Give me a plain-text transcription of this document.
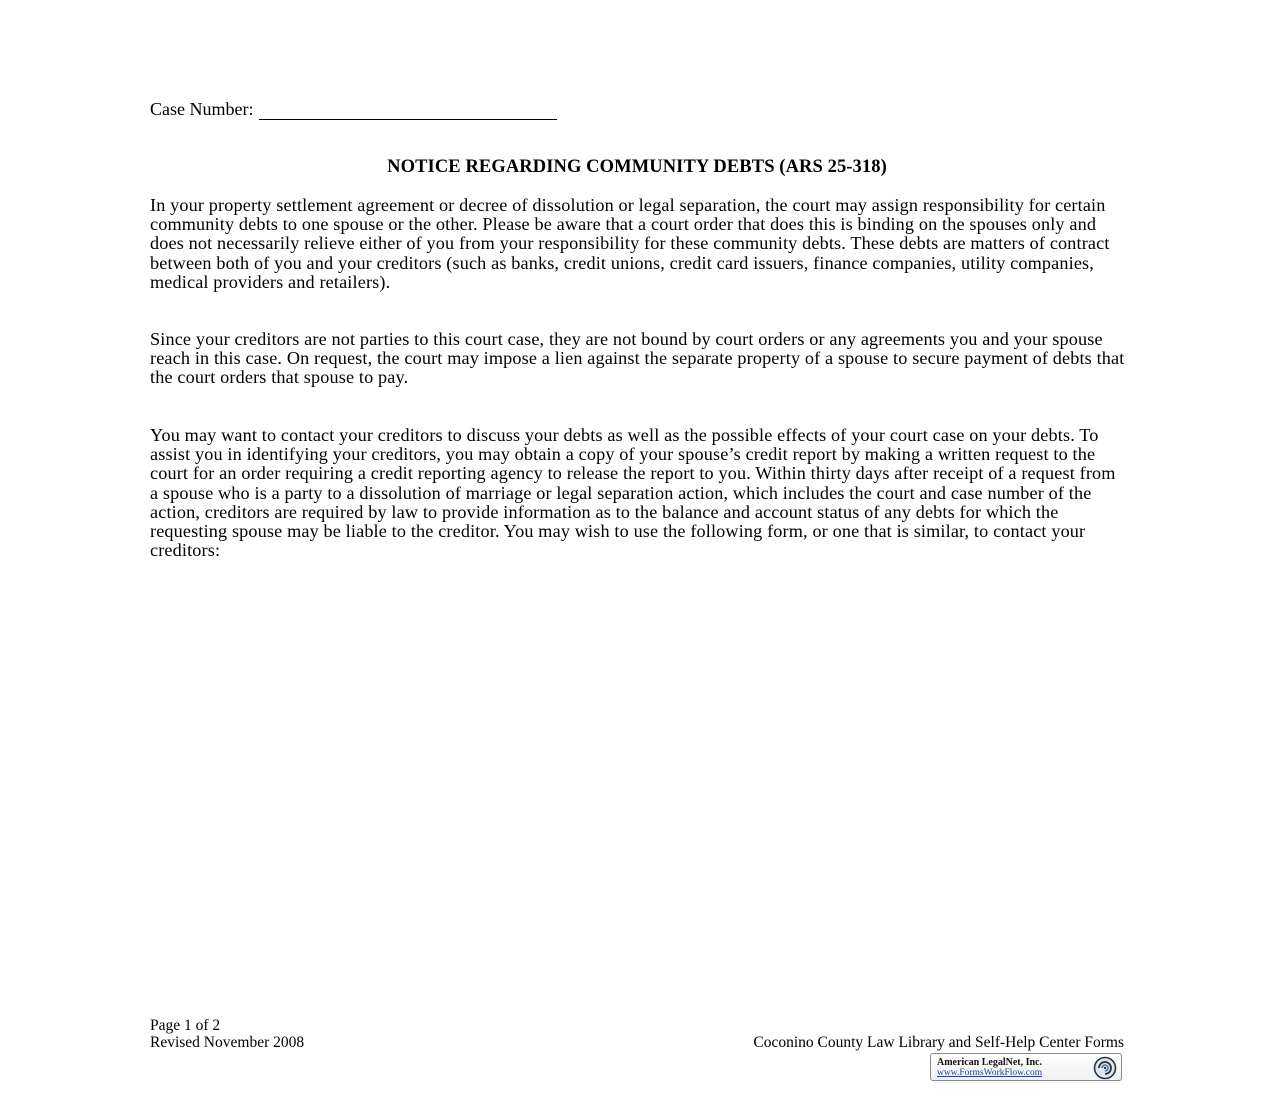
Case Number:
NOTICE REGARDING COMMUNITY DEBTS (ARS 25-318)

In your property settlement agreement or decree of dissolution or legal separation, the court may assign responsibility for certain community debts to one spouse or the other. Please be aware that a court order that does this is binding on the spouses only and does not necessarily relieve either of you from your responsibility for these community debts. These debts are matters of contract between both of you and your creditors (such as banks, credit unions, credit card issuers, finance companies, utility companies, medical providers and retailers).

Since your creditors are not parties to this court case, they are not bound by court orders or any agreements you and your spouse reach in this case. On request, the court may impose a lien against the separate property of a spouse to secure payment of debts that the court orders that spouse to pay.

You may want to contact your creditors to discuss your debts as well as the possible effects of your court case on your debts. To assist you in identifying your creditors, you may obtain a copy of your spouse’s credit report by making a written request to the court for an order requiring a credit reporting agency to release the report to you. Within thirty days after receipt of a request from a spouse who is a party to a dissolution of marriage or legal separation action, which includes the court and case number of the action, creditors are required by law to provide information as to the balance and account status of any debts for which the requesting spouse may be liable to the creditor. You may wish to use the following form, or one that is similar, to contact your creditors:

Page 1 of 2
Revised November 2008	Coconino County Law Library and Self-Help Center Forms
American LegalNet, Inc.
www.FormsWorkFlow.com
